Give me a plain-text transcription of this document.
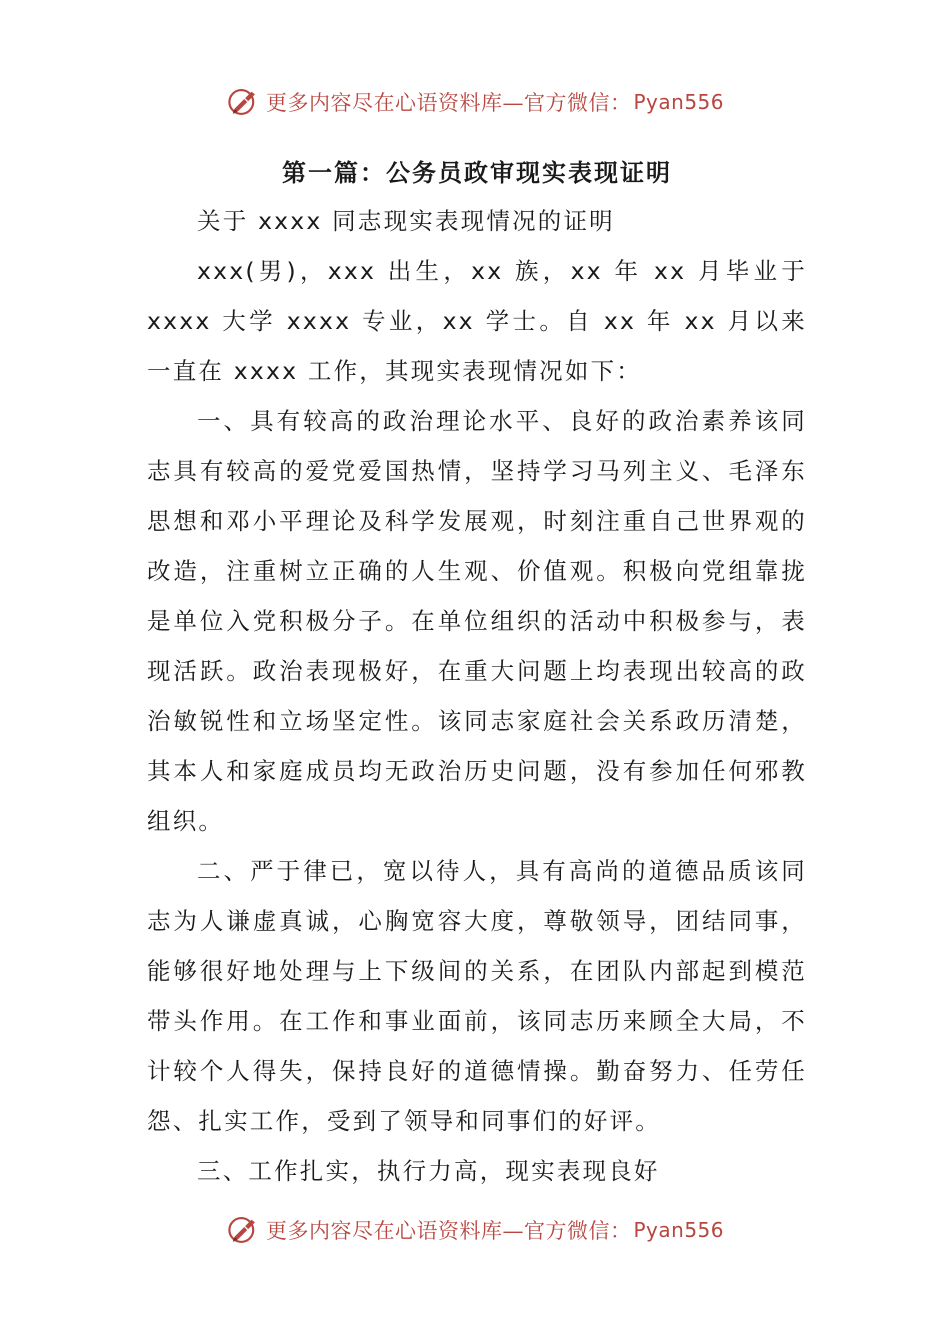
更多内容尽在心语资料库—官方微信： Pyan556
第一篇：公务员政审现实表现证明

关于 xxxx 同志现实表现情况的证明

xxx(男)，xxx 出生，xx 族，xx 年 xx 月毕业于 xxxx 大学 xxxx 专业，xx 学士。自 xx 年 xx 月以来一直在 xxxx 工作，其现实表现情况如下：

一、具有较高的政治理论水平、良好的政治素养该同志具有较高的爱党爱国热情，坚持学习马列主义、毛泽东思想和邓小平理论及科学发展观，时刻注重自己世界观的改造，注重树立正确的人生观、价值观。积极向党组靠拢是单位入党积极分子。在单位组织的活动中积极参与，表现活跃。政治表现极好，在重大问题上均表现出较高的政治敏锐性和立场坚定性。该同志家庭社会关系政历清楚，其本人和家庭成员均无政治历史问题，没有参加任何邪教组织。

二、严于律已，宽以待人，具有高尚的道德品质该同志为人谦虚真诚，心胸宽容大度，尊敬领导，团结同事，能够很好地处理与上下级间的关系，在团队内部起到模范带头作用。在工作和事业面前，该同志历来顾全大局，不计较个人得失，保持良好的道德情操。勤奋努力、任劳任怨、扎实工作，受到了领导和同事们的好评。

三、工作扎实，执行力高，现实表现良好

更多内容尽在心语资料库—官方微信： Pyan556
